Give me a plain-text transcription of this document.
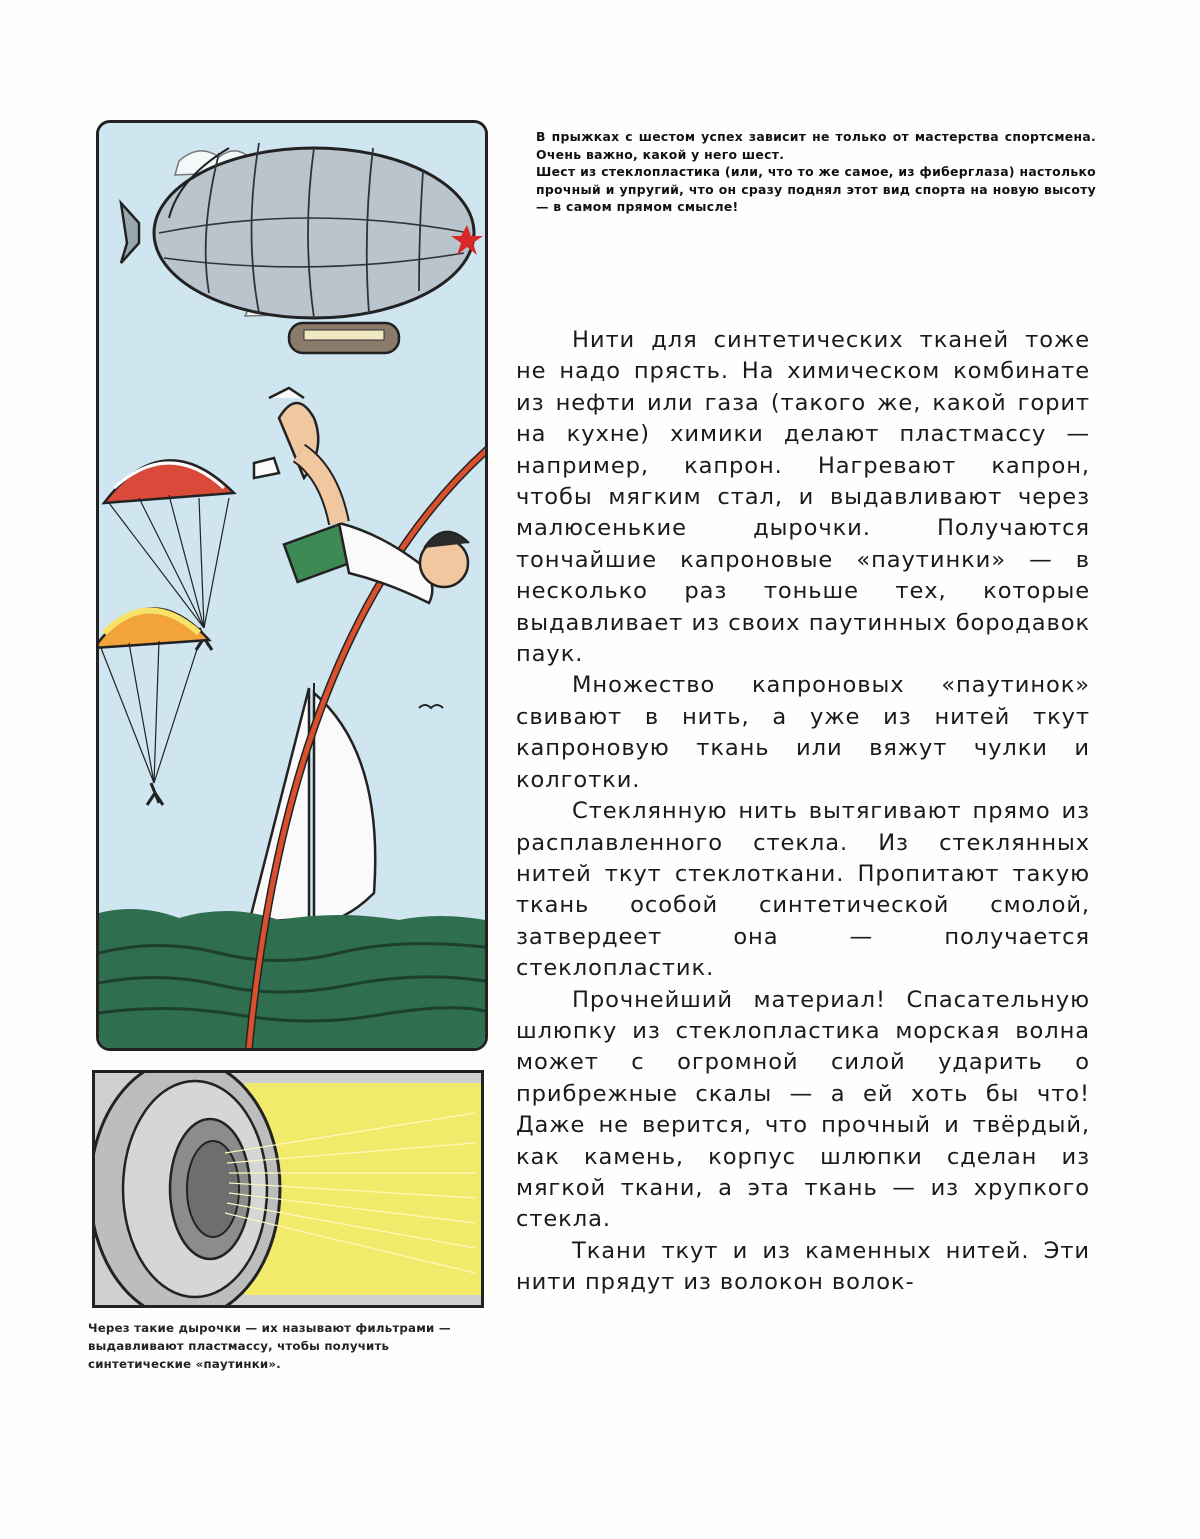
В прыжках с шестом успех зависит не только от мастерства спортсмена. Очень важно, какой у него шест.

Шест из стеклопластика (или, что то же самое, из фиберглаза) настолько прочный и упругий, что он сразу поднял этот вид спорта на новую высоту — в самом прямом смысле!

Через такие дырочки — их называют фильтрами — выдавливают пластмассу, чтобы получить синтетические «паутинки».

Нити для синтетических тканей тоже не надо прясть. На химическом комбинате из нефти или газа (такого же, какой горит на кухне) химики делают пластмассу — например, капрон. Нагревают капрон, чтобы мягким стал, и выдавливают через малюсенькие дырочки. Получаются тончайшие капроновые «паутинки» — в несколько раз тоньше тех, которые выдавливает из своих паутинных бородавок паук.

Множество капроновых «паутинок» свивают в нить, а уже из нитей ткут капроновую ткань или вяжут чулки и колготки.

Стеклянную нить вытягивают прямо из расплавленного стекла. Из стеклянных нитей ткут стеклоткани. Пропитают такую ткань особой синтетической смолой, затвердеет она — получается стеклопластик.

Прочнейший материал! Спасательную шлюпку из стеклопластика морская волна может с огромной силой ударить о прибрежные скалы — а ей хоть бы что! Даже не верится, что прочный и твёрдый, как камень, корпус шлюпки сделан из мягкой ткани, а эта ткань — из хрупкого стекла.

Ткани ткут и из каменных нитей. Эти нити прядут из волокон волок-
